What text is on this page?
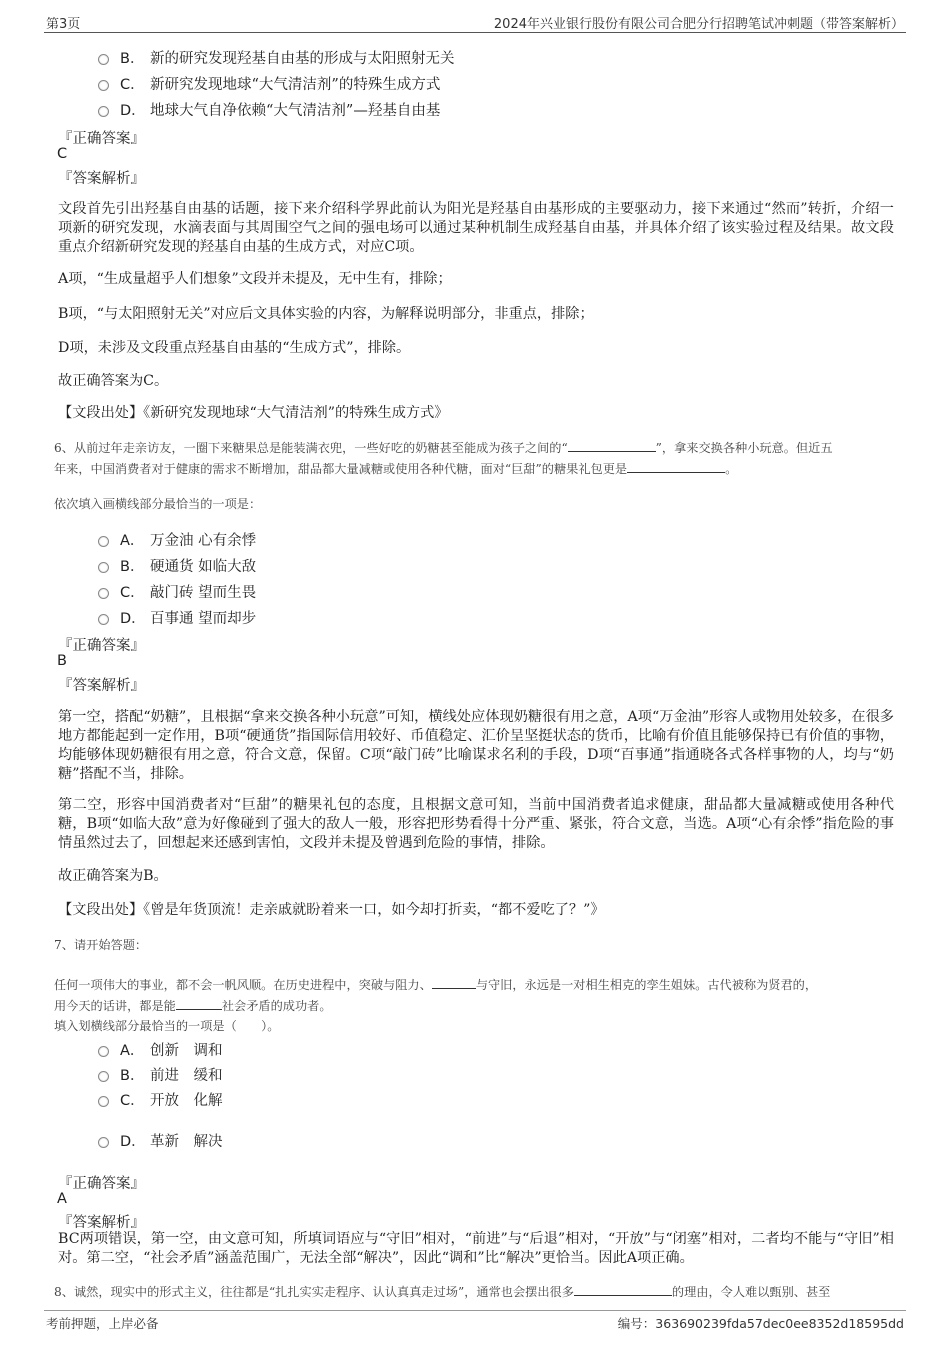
第3页	2024年兴业银行股份有限公司合肥分行招聘笔试冲刺题（带答案解析）
B． 新的研究发现羟基自由基的形成与太阳照射无关
C． 新研究发现地球“大气清洁剂”的特殊生成方式
D． 地球大气自净依赖“大气清洁剂”—羟基自由基
『正确答案』
C
『答案解析』
文段首先引出羟基自由基的话题，接下来介绍科学界此前认为阳光是羟基自由基形成的主要驱动力，接下来通过“然而”转折，介绍一项新的研究发现，水滴表面与其周围空气之间的强电场可以通过某种机制生成羟基自由基，并具体介绍了该实验过程及结果。故文段重点介绍新研究发现的羟基自由基的生成方式，对应C项。
A项，“生成量超乎人们想象”文段并未提及，无中生有，排除；
B项，“与太阳照射无关”对应后文具体实验的内容，为解释说明部分，非重点，排除；
D项，未涉及文段重点羟基自由基的“生成方式”，排除。
故正确答案为C。
【文段出处】《新研究发现地球“大气清洁剂”的特殊生成方式》
6、从前过年走亲访友，一圈下来糖果总是能装满衣兜，一些好吃的奶糖甚至能成为孩子之间的“	”，拿来交换各种小玩意。但近五
年来，中国消费者对于健康的需求不断增加，甜品都大量减糖或使用各种代糖，面对“巨甜”的糖果礼包更是	。
依次填入画横线部分最恰当的一项是：
A． 万金油 心有余悸
B． 硬通货 如临大敌
C． 敲门砖 望而生畏
D． 百事通 望而却步
『正确答案』
B
『答案解析』
第一空，搭配“奶糖”，且根据“拿来交换各种小玩意”可知，横线处应体现奶糖很有用之意，A项“万金油”形容人或物用处较多，在很多地方都能起到一定作用，B项“硬通货”指国际信用较好、币值稳定、汇价呈坚挺状态的货币，比喻有价值且能够保持已有价值的事物，均能够体现奶糖很有用之意，符合文意，保留。C项“敲门砖”比喻谋求名利的手段，D项“百事通”指通晓各式各样事物的人，均与“奶糖”搭配不当，排除。
第二空，形容中国消费者对“巨甜”的糖果礼包的态度，且根据文意可知，当前中国消费者追求健康，甜品都大量减糖或使用各种代糖，B项“如临大敌”意为好像碰到了强大的敌人一般，形容把形势看得十分严重、紧张，符合文意，当选。A项“心有余悸”指危险的事情虽然过去了，回想起来还感到害怕，文段并未提及曾遇到危险的事情，排除。
故正确答案为B。
【文段出处】《曾是年货顶流！走亲戚就盼着来一口，如今却打折卖，“都不爱吃了？”》
7、请开始答题：
任何一项伟大的事业，都不会一帆风顺。在历史进程中，突破与阻力、	与守旧，永远是一对相生相克的孪生姐妹。古代被称为贤君的，
用今天的话讲，都是能	社会矛盾的成功者。
填入划横线部分最恰当的一项是（　　）。
A． 创新　调和
B． 前进　缓和
C． 开放　化解
D． 革新　解决
『正确答案』
A
『答案解析』
BC两项错误，第一空，由文意可知，所填词语应与“守旧”相对，“前进”与“后退”相对，“开放”与“闭塞”相对，二者均不能与“守旧”相对。第二空，“社会矛盾”涵盖范围广，无法全部“解决”，因此“调和”比“解决”更恰当。因此A项正确。
8、诚然，现实中的形式主义，往往都是“扎扎实实走程序、认认真真走过场”，通常也会摆出很多	的理由，令人难以甄别、甚至
考前押题，上岸必备	编号：363690239fda57dec0ee8352d18595dd
